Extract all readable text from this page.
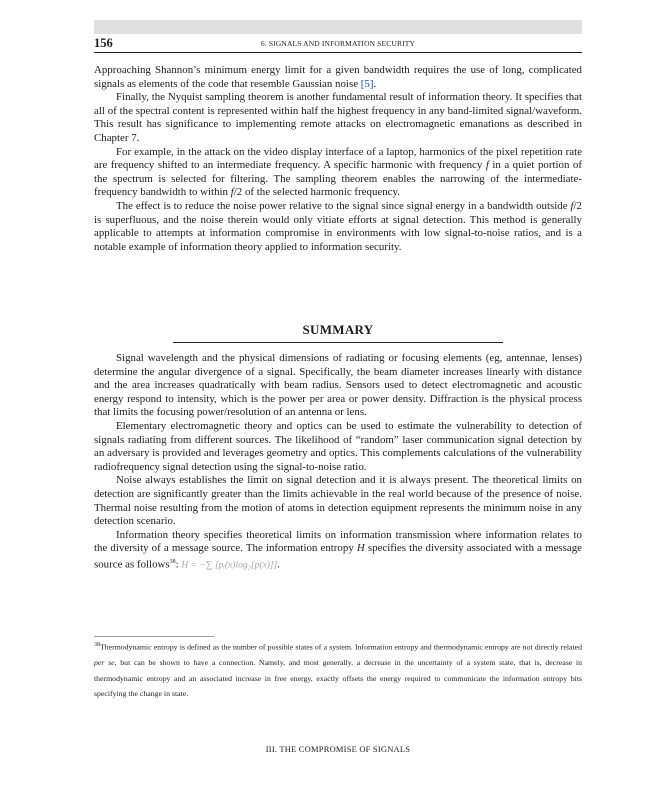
156	6. SIGNALS AND INFORMATION SECURITY

Approaching Shannon’s minimum energy limit for a given bandwidth requires the use of long, complicated signals as elements of the code that resemble Gaussian noise [5].

Finally, the Nyquist sampling theorem is another fundamental result of information theory. It specifies that all of the spectral content is represented within half the highest frequency in any band-limited signal/waveform. This result has significance to implementing remote attacks on electromagnetic emanations as described in Chapter 7.

For example, in the attack on the video display interface of a laptop, harmonics of the pixel repetition rate are frequency shifted to an intermediate frequency. A specific harmonic with frequency f in a quiet portion of the spectrum is selected for filtering. The sampling theorem enables the narrowing of the intermediate-frequency bandwidth to within f/2 of the selected harmonic frequency.

The effect is to reduce the noise power relative to the signal since signal energy in a bandwidth outside f/2 is superfluous, and the noise therein would only vitiate efforts at signal detection. This method is generally applicable to attempts at information compromise in environments with low signal-to-noise ratios, and is a notable example of information theory applied to information security.

SUMMARY

Signal wavelength and the physical dimensions of radiating or focusing elements (eg, antennae, lenses) determine the angular divergence of a signal. Specifically, the beam diameter increases linearly with distance and the area increases quadratically with beam radius. Sensors used to detect electromagnetic and acoustic energy respond to intensity, which is the power per area or power density. Diffraction is the physical process that limits the focusing power/resolution of an antenna or lens.

Elementary electromagnetic theory and optics can be used to estimate the vulnerability to detection of signals radiating from different sources. The likelihood of “random” laser communication signal detection by an adversary is provided and leverages geometry and optics. This complements calculations of the vulnerability radiofrequency signal detection using the signal-to-noise ratio.

Noise always establishes the limit on signal detection and it is always present. The theoretical limits on detection are significantly greater than the limits achievable in the real world because of the presence of noise. Thermal noise resulting from the motion of atoms in detection equipment represents the minimum noise in any detection scenario.

Information theory specifies theoretical limits on information transmission where information relates to the diversity of a message source. The information entropy H specifies the diversity associated with a message source as follows$^{38}$: H = −∑ [pᵢ(x)log₂[p(x)]].

$^{38}$Thermodynamic entropy is defined as the number of possible states of a system. Information entropy and thermodynamic entropy are not directly related per se, but can be shown to have a connection. Namely, and most generally, a decrease in the uncertainty of a system state, that is, decrease in thermodynamic entropy and an associated increase in free energy, exactly offsets the energy required to communicate the information entropy bits specifying the change in state.
III. THE COMPROMISE OF SIGNALS
